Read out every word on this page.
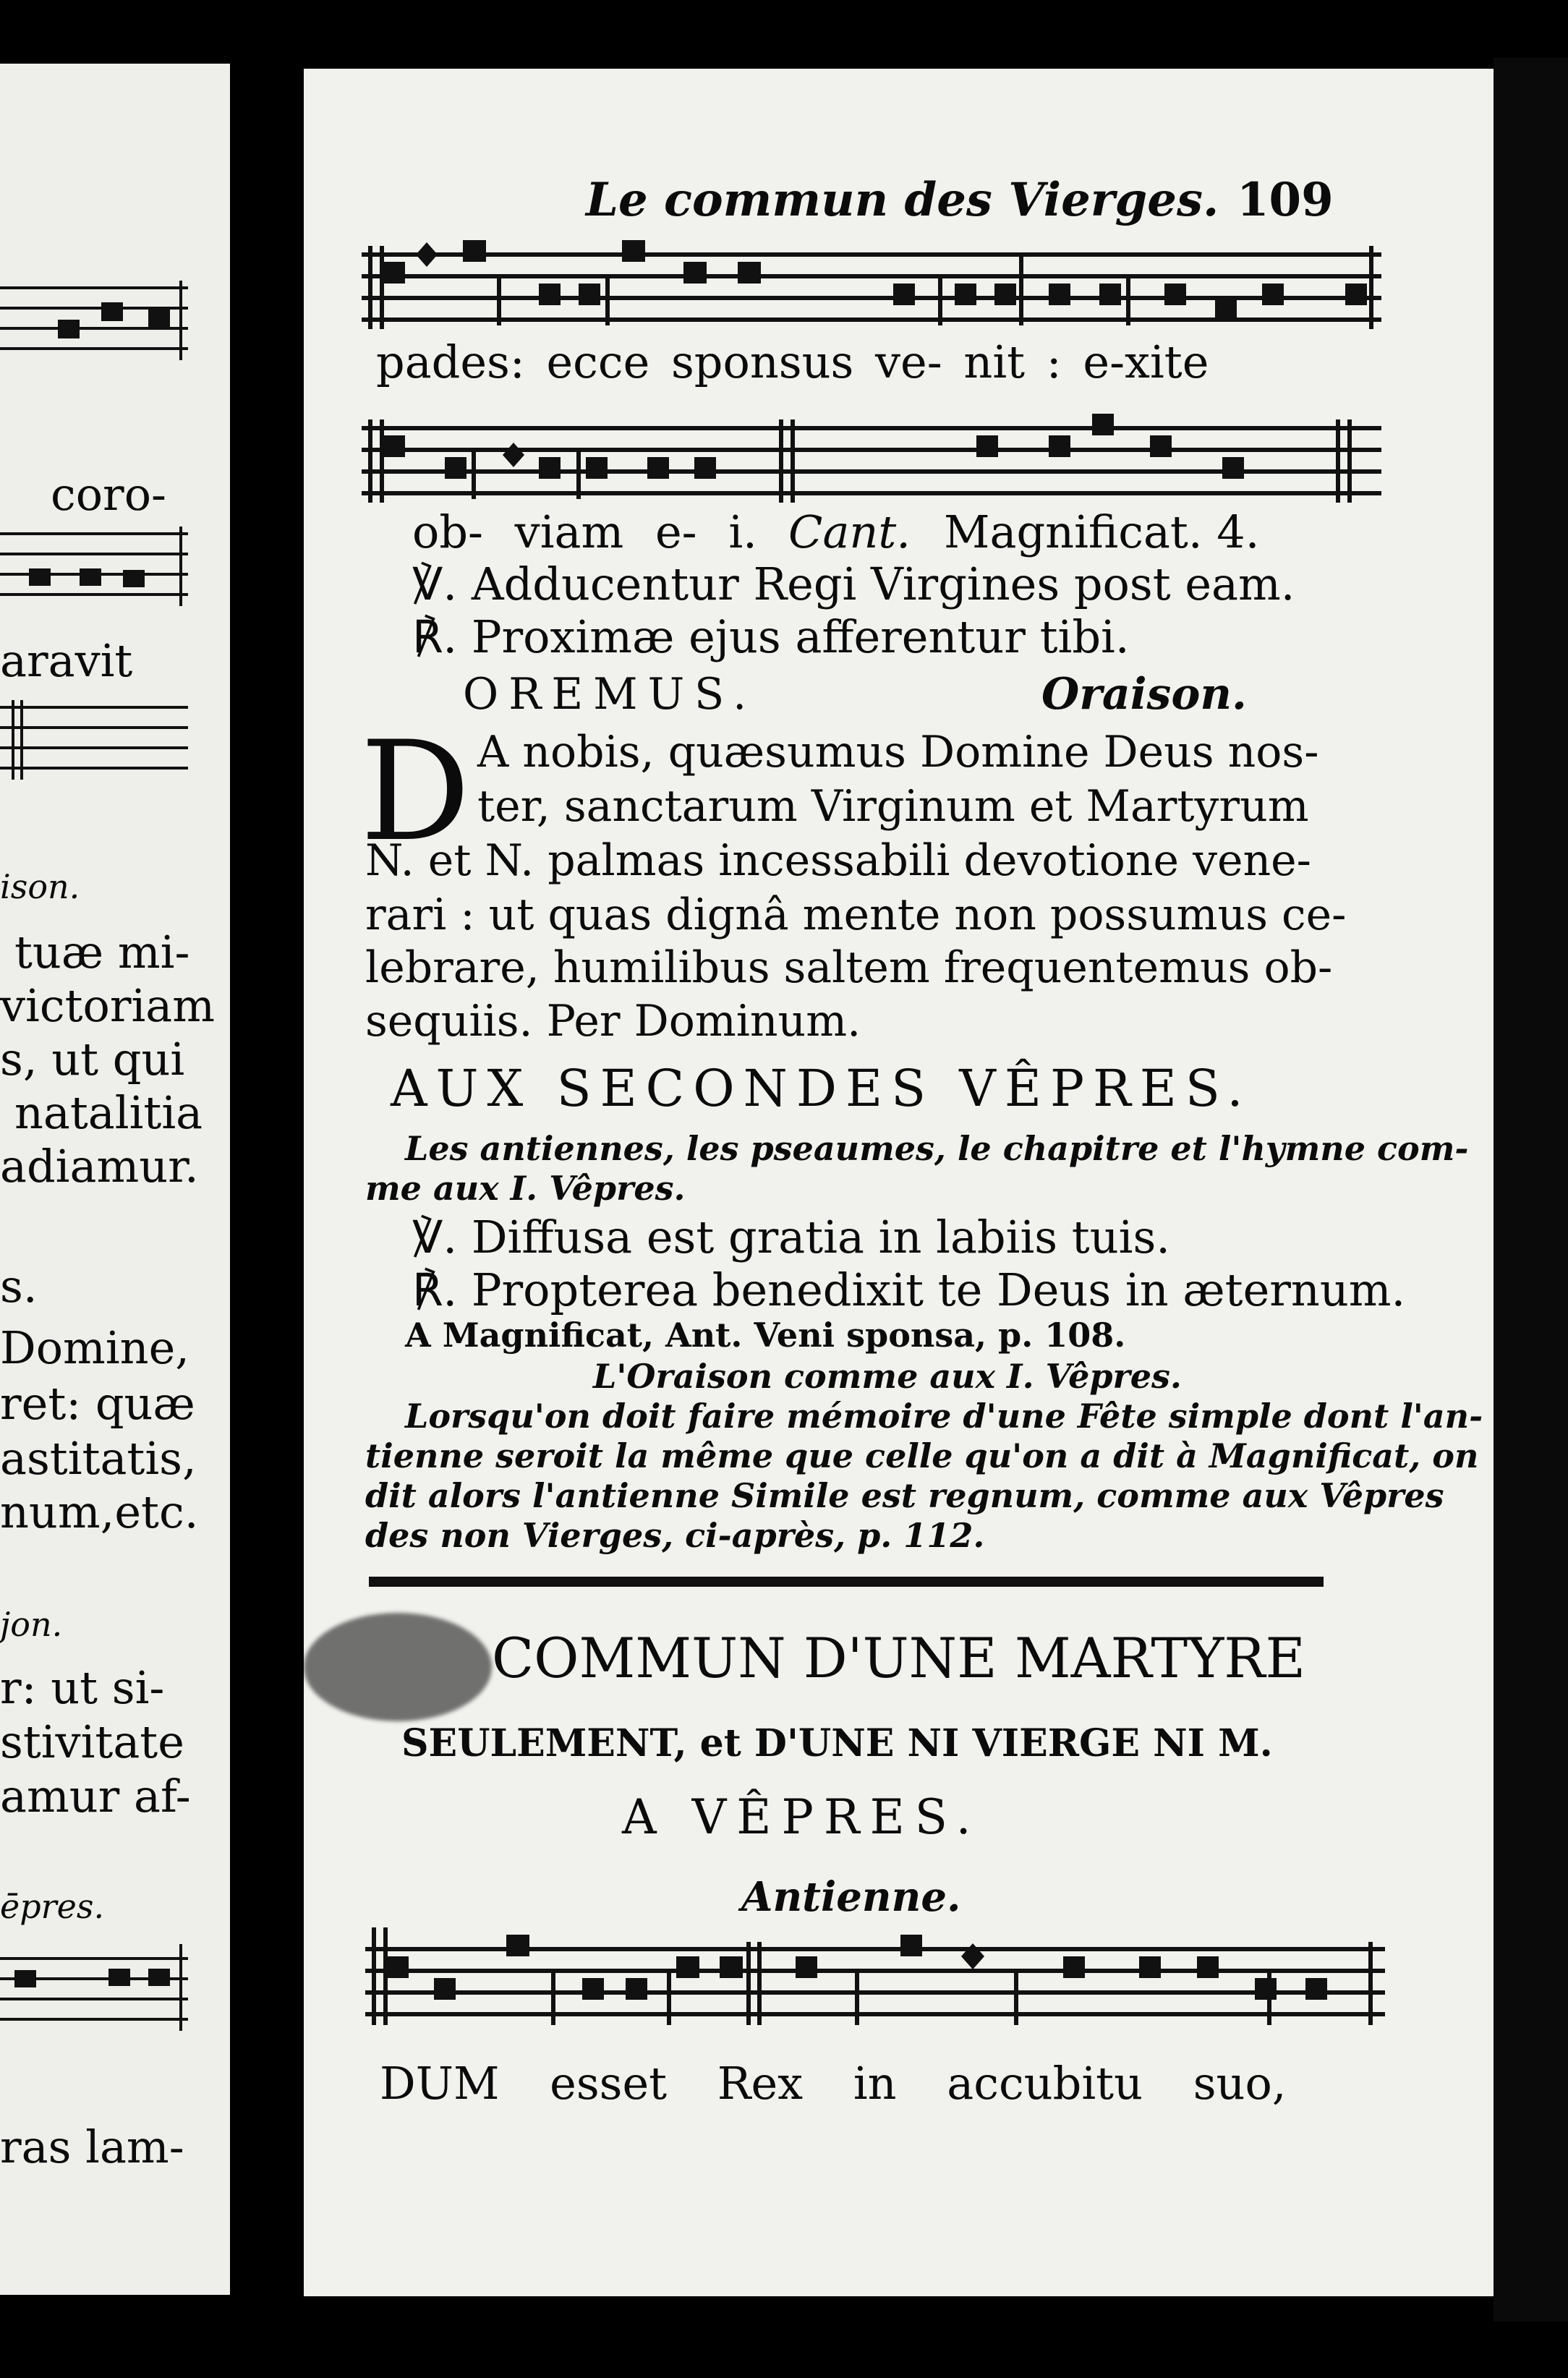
coro-
aravit
ison.
tuæ mi-
victoriam
s, ut qui
natalitia
adiamur.
s.
Domine,
ret: quæ
astitatis,
num,etc.
jon.
r: ut si-
stivitate
amur af-
ēpres.
ras lam-
Le commun des Vierges. 109
pades: ecce sponsus ve- nit : e-xite
ob- viam e- i. Cant. Magnificat. 4.
℣. Adducentur Regi Virgines post eam.
℟. Proximæ ejus afferentur tibi.
OREMUS.	Oraison.
D A nobis, quæsumus Domine Deus nos-
ter, sanctarum Virginum et Martyrum
N. et N. palmas incessabili devotione vene-
rari : ut quas dignâ mente non possumus ce-
lebrare, humilibus saltem frequentemus ob-
sequiis. Per Dominum.
AUX SECONDES VÊPRES.
Les antiennes, les pseaumes, le chapitre et l'hymne com-
me aux I. Vêpres.
℣. Diffusa est gratia in labiis tuis.
℟. Propterea benedixit te Deus in æternum.
A Magnificat, Ant. Veni sponsa, p. 108.
L'Oraison comme aux I. Vêpres.
Lorsqu'on doit faire mémoire d'une Fête simple dont l'an-
tienne seroit la même que celle qu'on a dit à Magnificat, on
dit alors l'antienne Simile est regnum, comme aux Vêpres
des non Vierges, ci-après, p. 112.
COMMUN D'UNE MARTYRE
SEULEMENT, et D'UNE NI VIERGE NI M.
A VÊPRES.
Antienne.
DUM esset Rex in accubitu suo,
